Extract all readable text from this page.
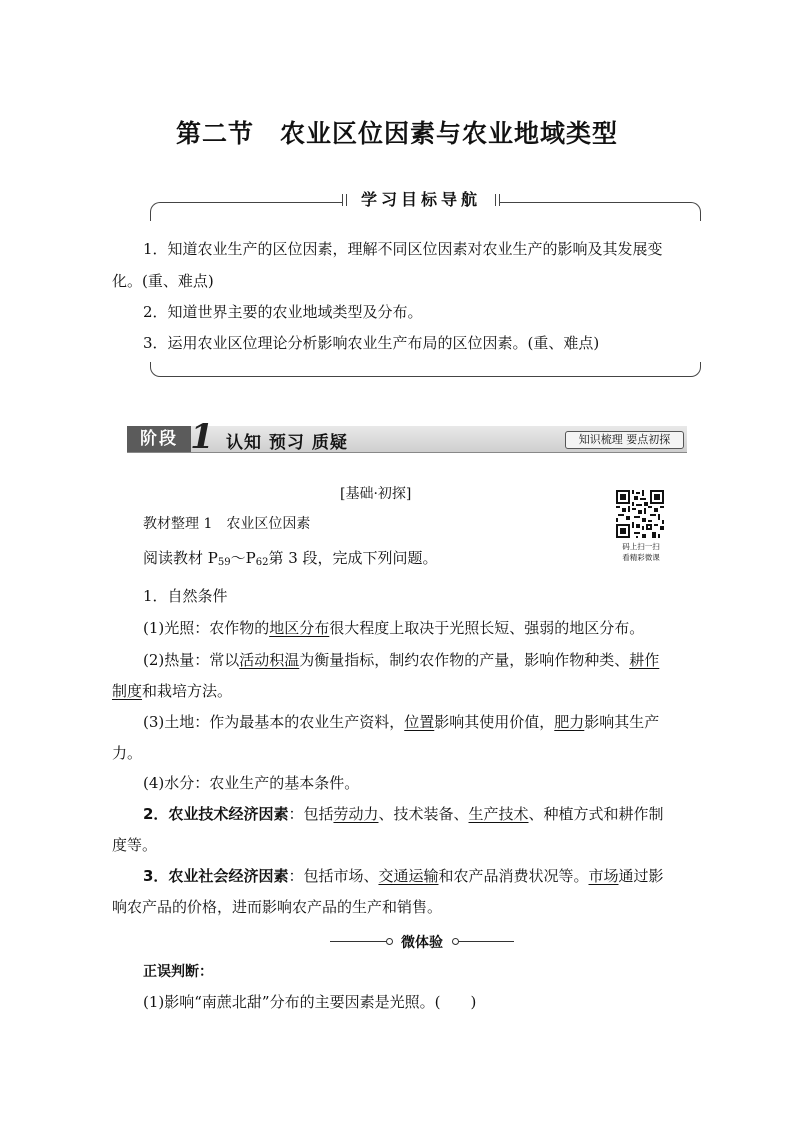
第二节 农业区位因素与农业地域类型
学习目标导航
1．知道农业生产的区位因素，理解不同区位因素对农业生产的影响及其发展变
化。(重、难点)
2．知道世界主要的农业地域类型及分布。
3．运用农业区位理论分析影响农业生产布局的区位因素。(重、难点)
阶段 1 认知 预习 质疑	知识梳理 要点初探
码上扫一扫
看精彩微课
[基础·初探]
教材整理 1　农业区位因素
阅读教材 $P_{59}\sim P_{62}$第 3 段，完成下列问题。
1．自然条件
(1)光照：农作物的地区分布很大程度上取决于光照长短、强弱的地区分布。
(2)热量：常以活动积温为衡量指标，制约农作物的产量，影响作物种类、耕作
制度和栽培方法。
(3)土地：作为最基本的农业生产资料，位置影响其使用价值，肥力影响其生产
力。
(4)水分：农业生产的基本条件。
2．农业技术经济因素：包括劳动力、技术装备、生产技术、种植方式和耕作制
度等。
3．农业社会经济因素：包括市场、交通运输和农产品消费状况等。市场通过影
响农产品的价格，进而影响农产品的生产和销售。
微体验
正误判断：
(1)影响“南蔗北甜”分布的主要因素是光照。(　　)
